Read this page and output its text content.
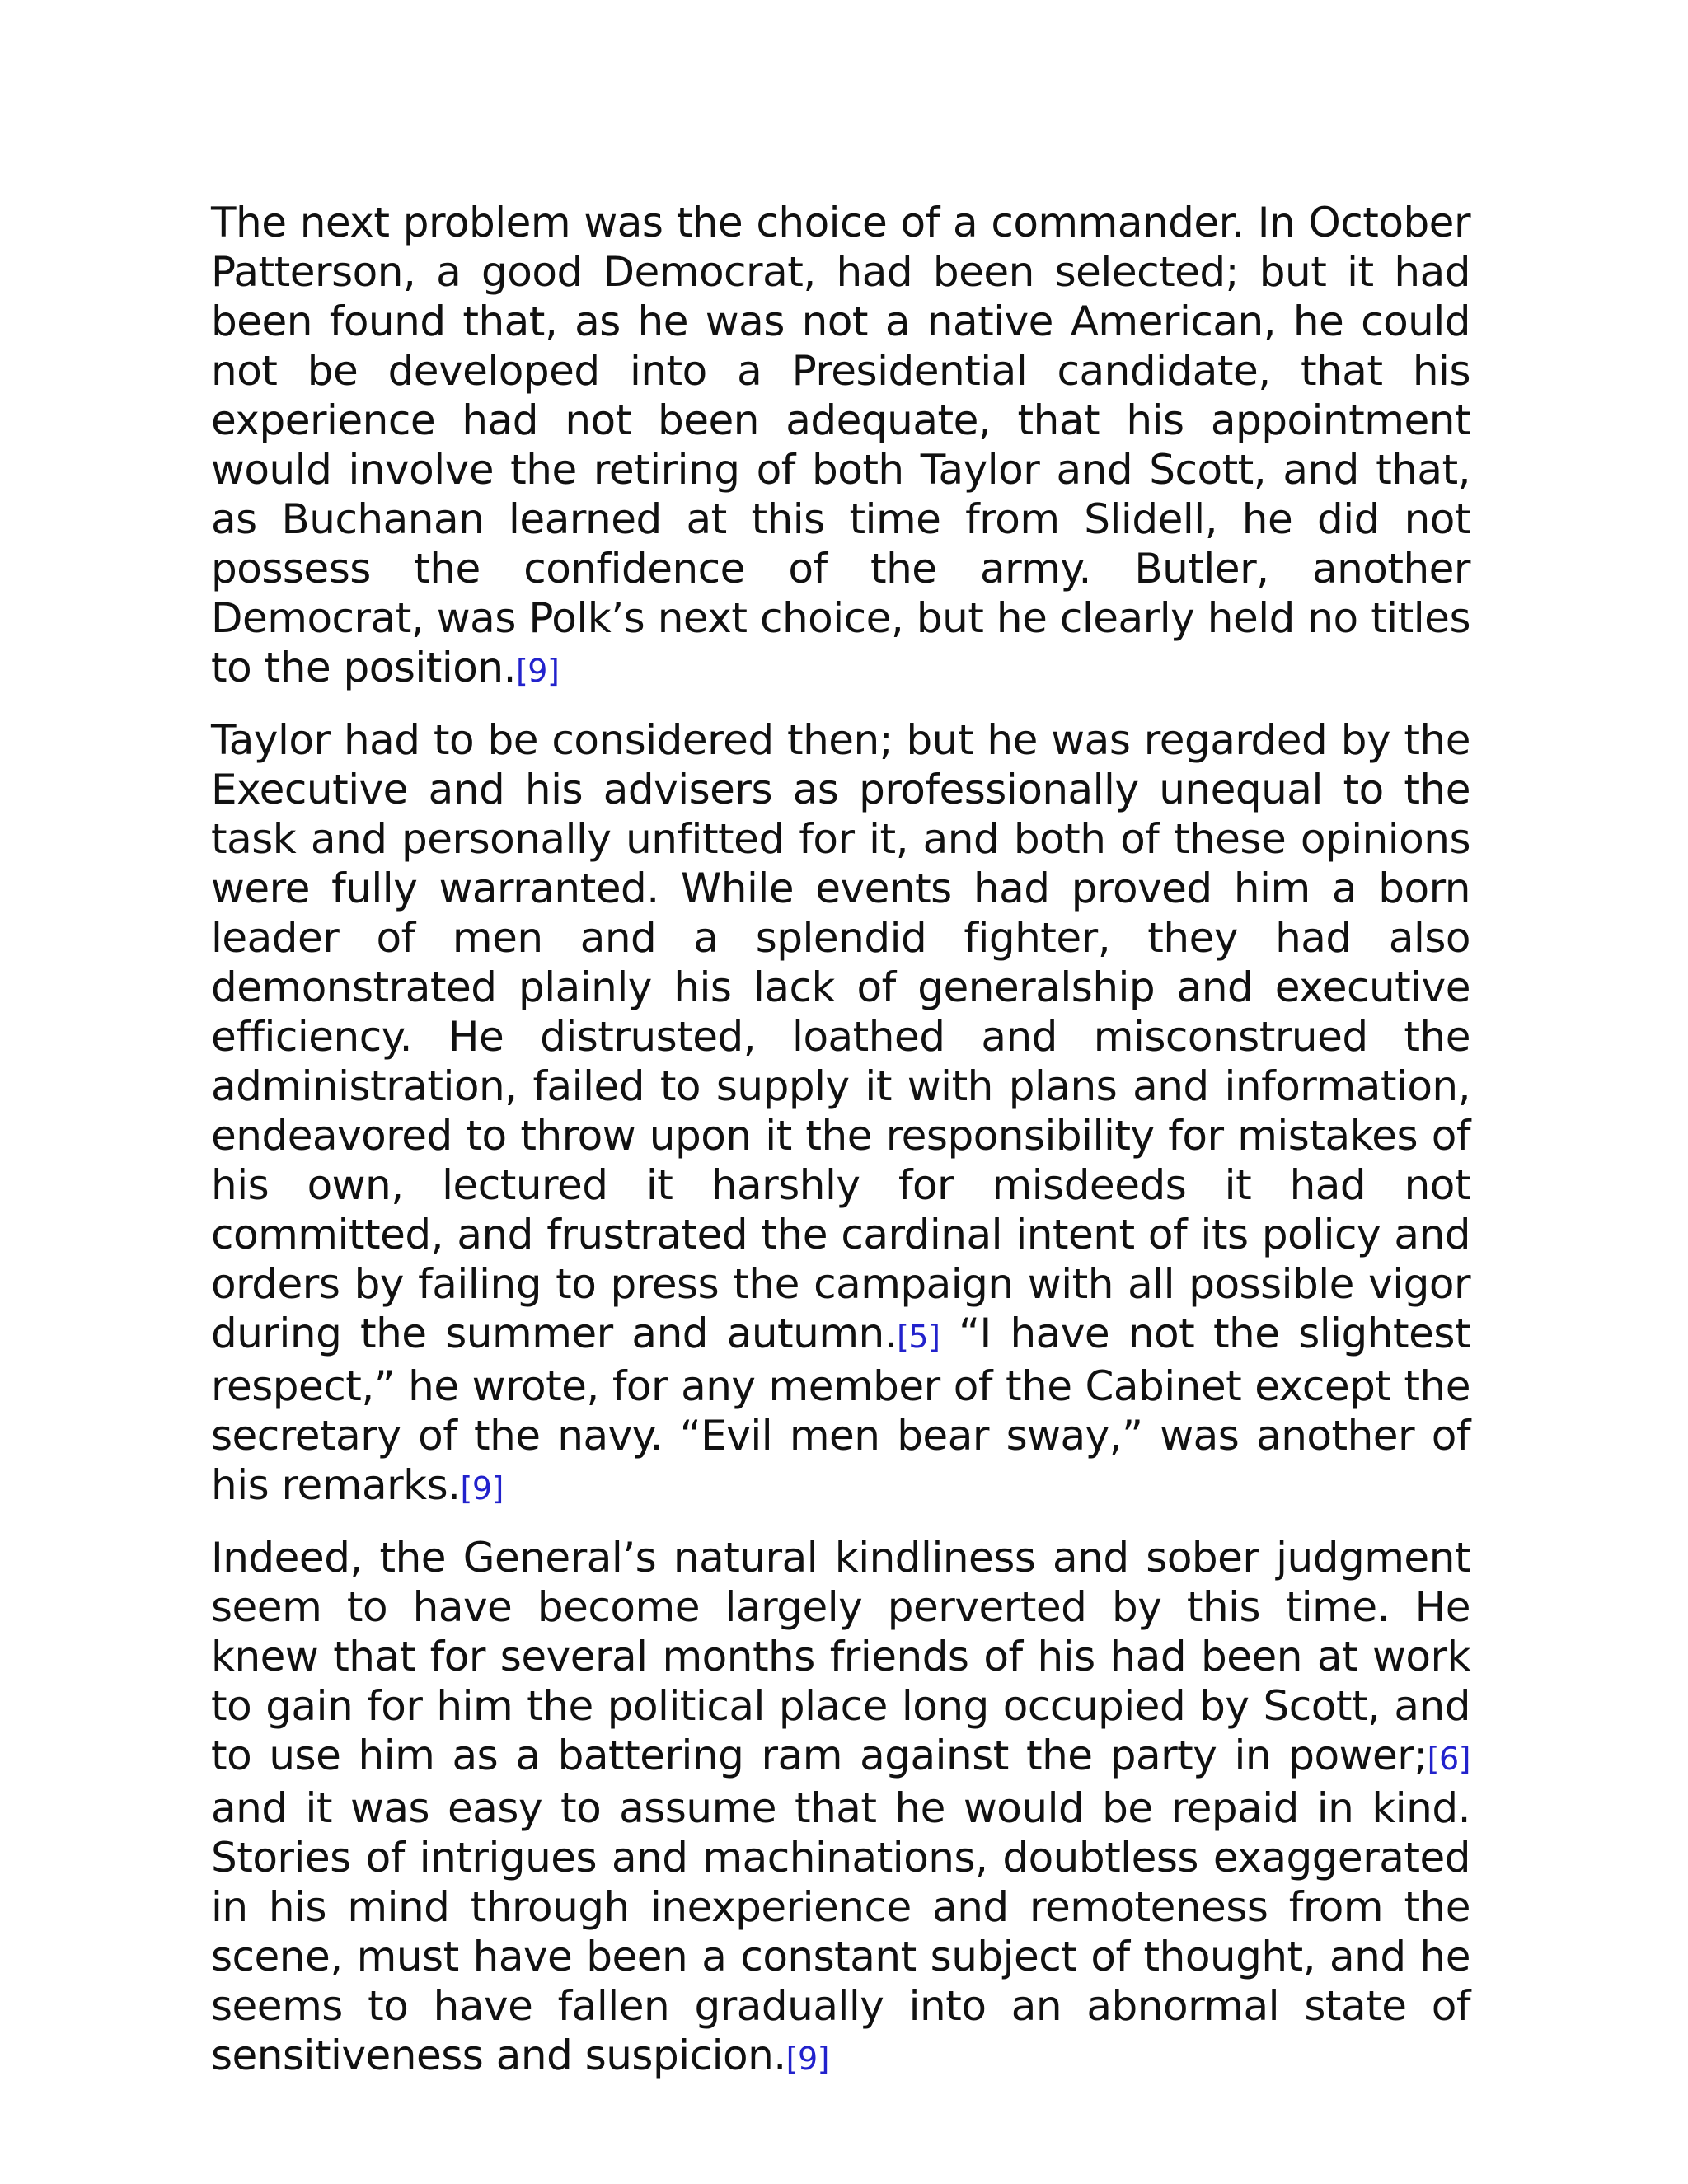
The next problem was the choice of a commander. In October Patterson, a good Democrat, had been selected; but it had been found that, as he was not a native American, he could not be developed into a Presidential candidate, that his experience had not been adequate, that his appointment would involve the retiring of both Taylor and Scott, and that, as Buchanan learned at this time from Slidell, he did not possess the confidence of the army. Butler, another Democrat, was Polk’s next choice, but he clearly held no titles to the position.[9]

Taylor had to be considered then; but he was regarded by the Executive and his advisers as professionally unequal to the task and personally unfitted for it, and both of these opinions were fully warranted. While events had proved him a born leader of men and a splendid fighter, they had also demonstrated plainly his lack of generalship and executive efficiency. He distrusted, loathed and misconstrued the administration, failed to supply it with plans and information, endeavored to throw upon it the responsibility for mistakes of his own, lectured it harshly for misdeeds it had not committed, and frustrated the cardinal intent of its policy and orders by failing to press the campaign with all possible vigor during the summer and autumn.[5] “I have not the slightest respect,” he wrote, for any member of the Cabinet except the secretary of the navy. “Evil men bear sway,” was another of his remarks.[9]

Indeed, the General’s natural kindliness and sober judgment seem to have become largely perverted by this time. He knew that for several months friends of his had been at work to gain for him the political place long occupied by Scott, and to use him as a battering ram against the party in power;[6] and it was easy to assume that he would be repaid in kind. Stories of intrigues and machinations, doubtless exaggerated in his mind through inexperience and remoteness from the scene, must have been a constant subject of thought, and he seems to have fallen gradually into an abnormal state of sensitiveness and suspicion.[9]
